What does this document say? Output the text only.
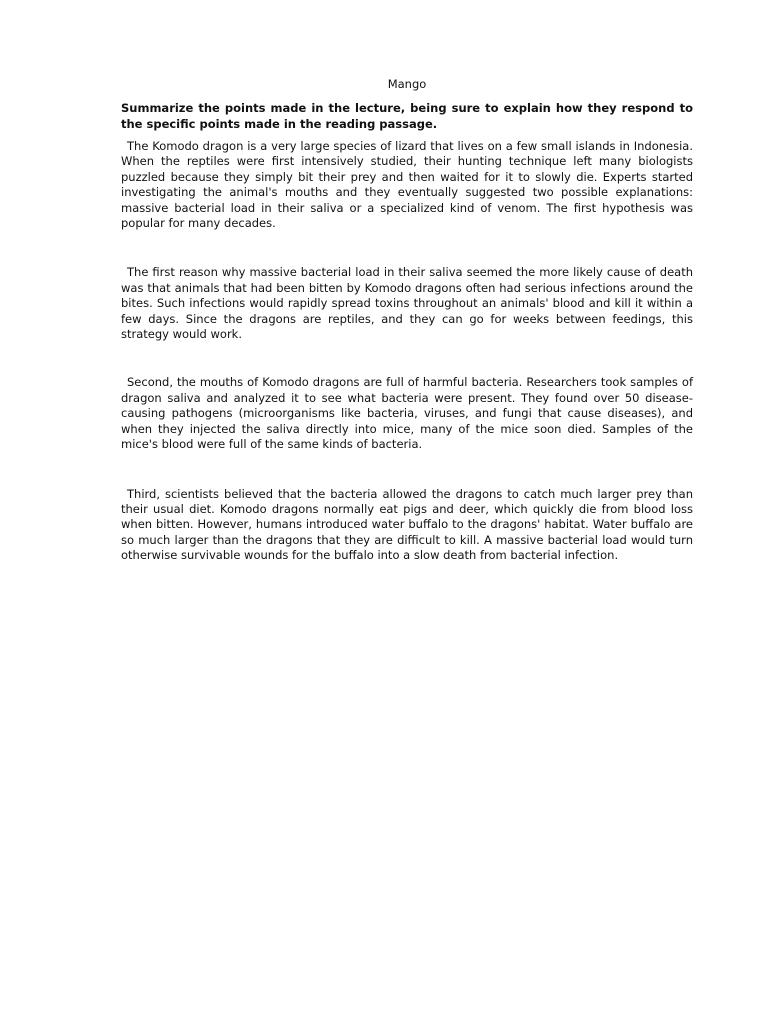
Mango

Summarize the points made in the lecture, being sure to explain how they respond to the specific points made in the reading passage.

The Komodo dragon is a very large species of lizard that lives on a few small islands in Indonesia. When the reptiles were first intensively studied, their hunting technique left many biologists puzzled because they simply bit their prey and then waited for it to slowly die. Experts started investigating the animal's mouths and they eventually suggested two possible explanations: massive bacterial load in their saliva or a specialized kind of venom. The first hypothesis was popular for many decades.

The first reason why massive bacterial load in their saliva seemed the more likely cause of death was that animals that had been bitten by Komodo dragons often had serious infections around the bites. Such infections would rapidly spread toxins throughout an animals' blood and kill it within a few days. Since the dragons are reptiles, and they can go for weeks between feedings, this strategy would work.

Second, the mouths of Komodo dragons are full of harmful bacteria. Researchers took samples of dragon saliva and analyzed it to see what bacteria were present. They found over 50 disease-causing pathogens (microorganisms like bacteria, viruses, and fungi that cause diseases), and when they injected the saliva directly into mice, many of the mice soon died. Samples of the mice's blood were full of the same kinds of bacteria.

Third, scientists believed that the bacteria allowed the dragons to catch much larger prey than their usual diet. Komodo dragons normally eat pigs and deer, which quickly die from blood loss when bitten. However, humans introduced water buffalo to the dragons' habitat. Water buffalo are so much larger than the dragons that they are difficult to kill. A massive bacterial load would turn otherwise survivable wounds for the buffalo into a slow death from bacterial infection.
